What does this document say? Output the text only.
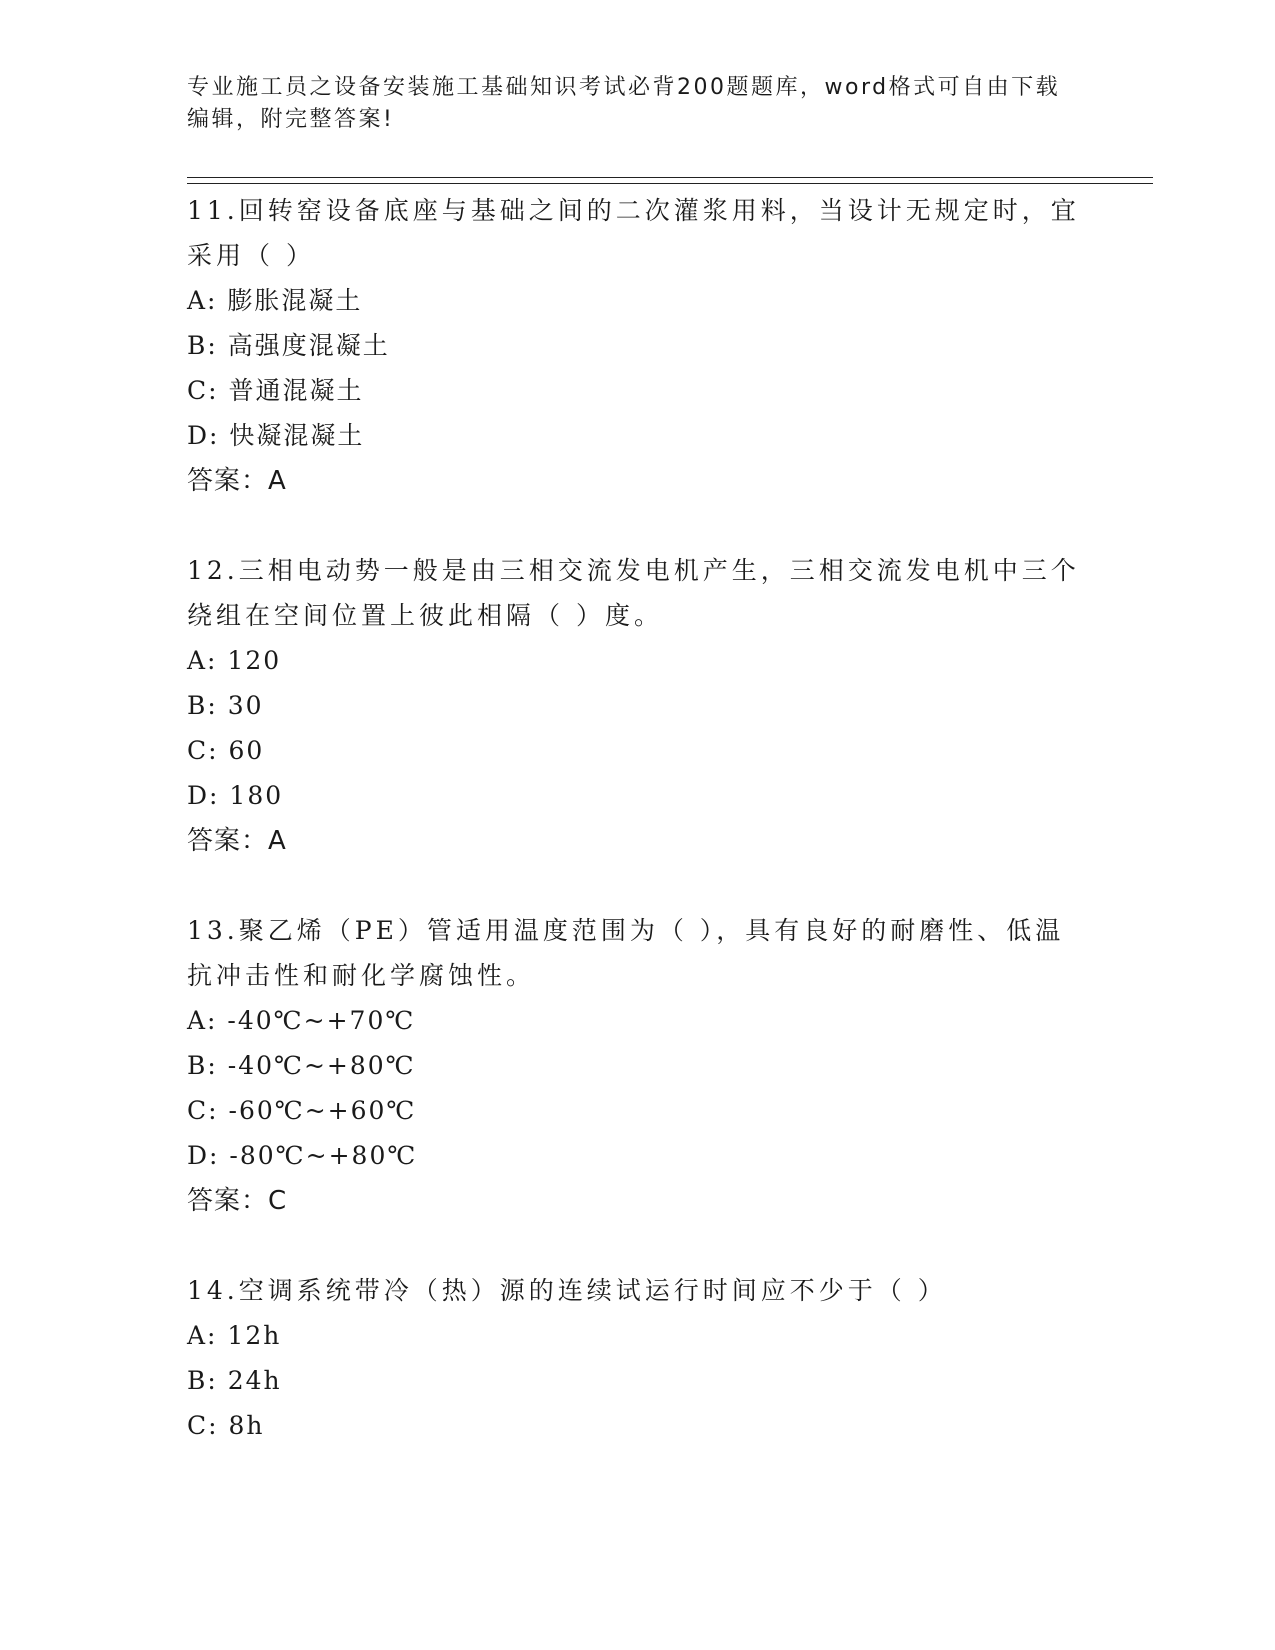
专业施工员之设备安装施工基础知识考试必背200题题库，word格式可自由下载
编辑，附完整答案!
11.回转窑设备底座与基础之间的二次灌浆用料，当设计无规定时，宜
采用（ ）
A: 膨胀混凝土
B: 高强度混凝土
C: 普通混凝土
D: 快凝混凝土
答案：A
12.三相电动势一般是由三相交流发电机产生，三相交流发电机中三个
绕组在空间位置上彼此相隔（ ）度。
A: 120
B: 30
C: 60
D: 180
答案：A
13.聚乙烯（PE）管适用温度范围为（ ），具有良好的耐磨性、低温
抗冲击性和耐化学腐蚀性。
A: -40℃~+70℃
B: -40℃~+80℃
C: -60℃~+60℃
D: -80℃~+80℃
答案：C
14.空调系统带冷（热）源的连续试运行时间应不少于（ ）
A: 12h
B: 24h
C: 8h
